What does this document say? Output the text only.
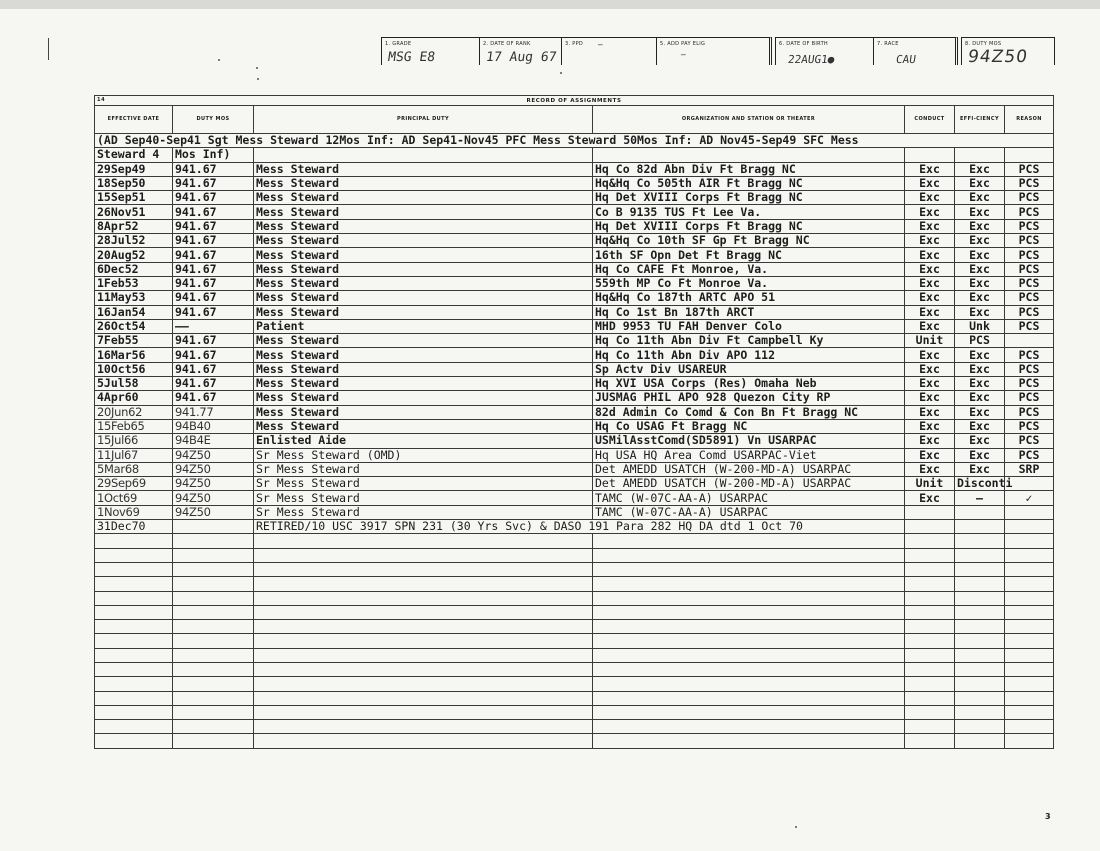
1. GRADE
MSG E8
2. DATE OF RANK
17 Aug 67
3. PPD —	5. ADD PAY ELIG
—
6. DATE OF BIRTH
22AUG1●
7. RACE
CAU
8. DUTY MOS
94Z50
14 RECORD OF ASSIGNMENTS						
EFFECTIVE DATE	DUTY MOS	PRINCIPAL DUTY	ORGANIZATION AND STATION OR THEATER	CONDUCT	EFFI-CIENCY	REASON
(AD Sep40-Sep41 Sgt Mess Steward 12Mos Inf: AD Sep41-Nov45 PFC Mess Steward 50Mos Inf: AD Nov45-Sep49 SFC Mess						
Steward 4	Mos Inf)					
29Sep49	941.67	Mess Steward	Hq Co 82d Abn Div Ft Bragg NC	Exc	Exc	PCS
18Sep50	941.67	Mess Steward	Hq&Hq Co 505th AIR Ft Bragg NC	Exc	Exc	PCS
15Sep51	941.67	Mess Steward	Hq Det XVIII Corps Ft Bragg NC	Exc	Exc	PCS
26Nov51	941.67	Mess Steward	Co B 9135 TUS Ft Lee Va.	Exc	Exc	PCS
8Apr52	941.67	Mess Steward	Hq Det XVIII Corps Ft Bragg NC	Exc	Exc	PCS
28Jul52	941.67	Mess Steward	Hq&Hq Co 10th SF Gp Ft Bragg NC	Exc	Exc	PCS
20Aug52	941.67	Mess Steward	16th SF Opn Det Ft Bragg NC	Exc	Exc	PCS
6Dec52	941.67	Mess Steward	Hq Co CAFE Ft Monroe, Va.	Exc	Exc	PCS
1Feb53	941.67	Mess Steward	559th MP Co Ft Monroe Va.	Exc	Exc	PCS
11May53	941.67	Mess Steward	Hq&Hq Co 187th ARTC APO 51	Exc	Exc	PCS
16Jan54	941.67	Mess Steward	Hq Co 1st Bn 187th ARCT	Exc	Exc	PCS
26Oct54	——	Patient	MHD 9953 TU FAH Denver Colo	Exc	Unk	PCS
7Feb55	941.67	Mess Steward	Hq Co 11th Abn Div Ft Campbell Ky	Unit	PCS	
16Mar56	941.67	Mess Steward	Hq Co 11th Abn Div APO 112	Exc	Exc	PCS
10Oct56	941.67	Mess Steward	Sp Actv Div USAREUR	Exc	Exc	PCS
5Jul58	941.67	Mess Steward	Hq XVI USA Corps (Res) Omaha Neb	Exc	Exc	PCS
4Apr60	941.67	Mess Steward	JUSMAG PHIL APO 928 Quezon City RP	Exc	Exc	PCS
20Jun62	941.77	Mess Steward	82d Admin Co Comd & Con Bn Ft Bragg NC	Exc	Exc	PCS
15Feb65	94B40	Mess Steward	Hq Co USAG Ft Bragg NC	Exc	Exc	PCS
15Jul66	94B4E	Enlisted Aide	USMilAsstComd(SD5891) Vn USARPAC	Exc	Exc	PCS
11Jul67	94Z50	Sr Mess Steward (OMD)	Hq USA HQ Area Comd USARPAC-Viet	Exc	Exc	PCS
5Mar68	94Z50	Sr Mess Steward	Det AMEDD USATCH (W-200-MD-A) USARPAC	Exc	Exc	SRP
29Sep69	94Z50	Sr Mess Steward	Det AMEDD USATCH (W-200-MD-A) USARPAC	Unit	Disconti	
1Oct69	94Z50	Sr Mess Steward	TAMC (W-07C-AA-A) USARPAC	Exc	—	✓
1Nov69	94Z50	Sr Mess Steward	TAMC (W-07C-AA-A) USARPAC			
31Dec70		RETIRED/10 USC 3917 SPN 231 (30 Yrs Svc) & DASO 191 Para 282 HQ DA dtd 1 Oct 70				

3
